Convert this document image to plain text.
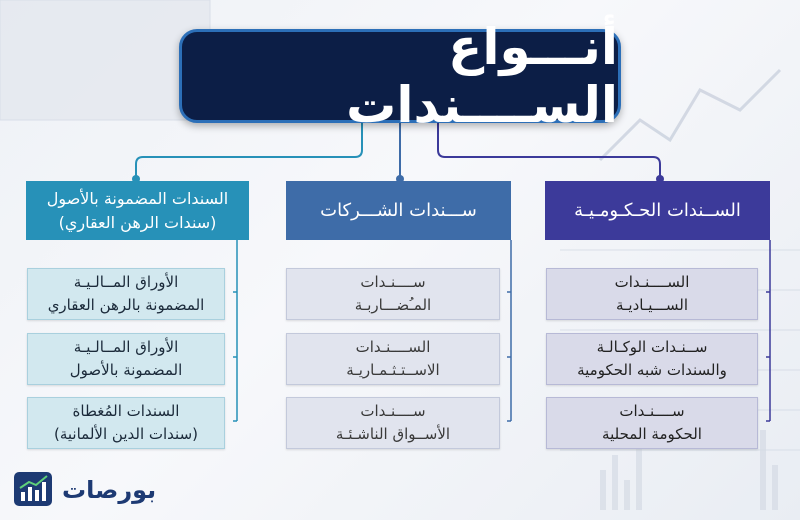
أنـــواع الســــندات
الســندات الحـكـومـيـة
الســــنـدات
الســـيـاديـة
ســنـدات الوكـالـة
والسندات شبه الحكومية
ســــنـدات
الحكومة المحلية
ســـندات الشـــركات
ســــنـدات
المـُضـــاربـة
الســــنـدات
الاســتـثـمـاريـة
ســــنـدات
الأســواق الناشـئـة
السندات المضمونة بالأصول
(سندات الرهن العقاري)
الأوراق المــالـيـة
المضمونة بالرهن العقاري
الأوراق المــالـيـة
المضمونة بالأصول
السندات المُغطاة
(سندات الدين الألمانية)
بورصات
